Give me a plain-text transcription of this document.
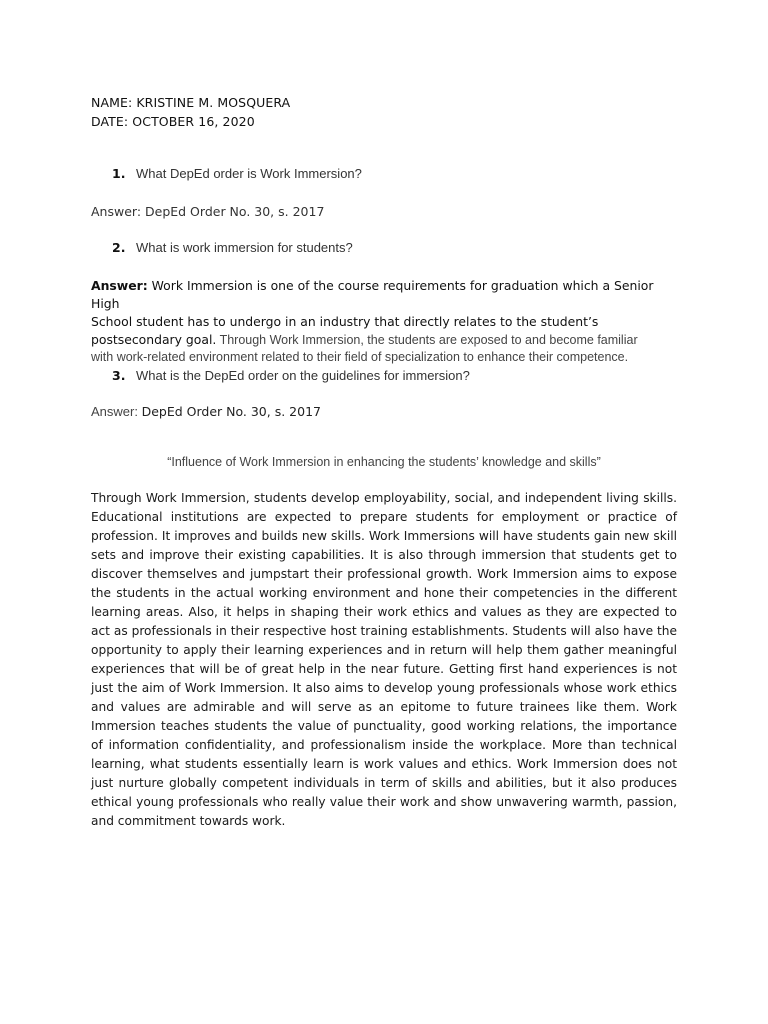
NAME: KRISTINE M. MOSQUERA
DATE: OCTOBER 16, 2020
1. What DepEd order is Work Immersion?
Answer: DepEd Order No. 30, s. 2017
2. What is work immersion for students?
Answer: Work Immersion is one of the course requirements for graduation which a Senior High
School student has to undergo in an industry that directly relates to the student’s

postsecondary goal. Through Work Immersion, the students are exposed to and become familiar
with work-related environment related to their field of specialization to enhance their competence.
3. What is the DepEd order on the guidelines for immersion?
Answer: DepEd Order No. 30, s. 2017
“Influence of Work Immersion in enhancing the students’ knowledge and skills”

Through Work Immersion, students develop employability, social, and independent living skills. Educational institutions are expected to prepare students for employment or practice of profession. It improves and builds new skills. Work Immersions will have students gain new skill sets and improve their existing capabilities. It is also through immersion that students get to discover themselves and jumpstart their professional growth. Work Immersion aims to expose the students in the actual working environment and hone their competencies in the different learning areas. Also, it helps in shaping their work ethics and values as they are expected to act as professionals in their respective host training establishments. Students will also have the opportunity to apply their learning experiences and in return will help them gather meaningful experiences that will be of great help in the near future. Getting first hand experiences is not just the aim of Work Immersion. It also aims to develop young professionals whose work ethics and values are admirable and will serve as an epitome to future trainees like them. Work Immersion teaches students the value of punctuality, good working relations, the importance of information confidentiality, and professionalism inside the workplace. More than technical learning, what students essentially learn is work values and ethics. Work Immersion does not just nurture globally competent individuals in term of skills and abilities, but it also produces ethical young professionals who really value their work and show unwavering warmth, passion, and commitment towards work.
